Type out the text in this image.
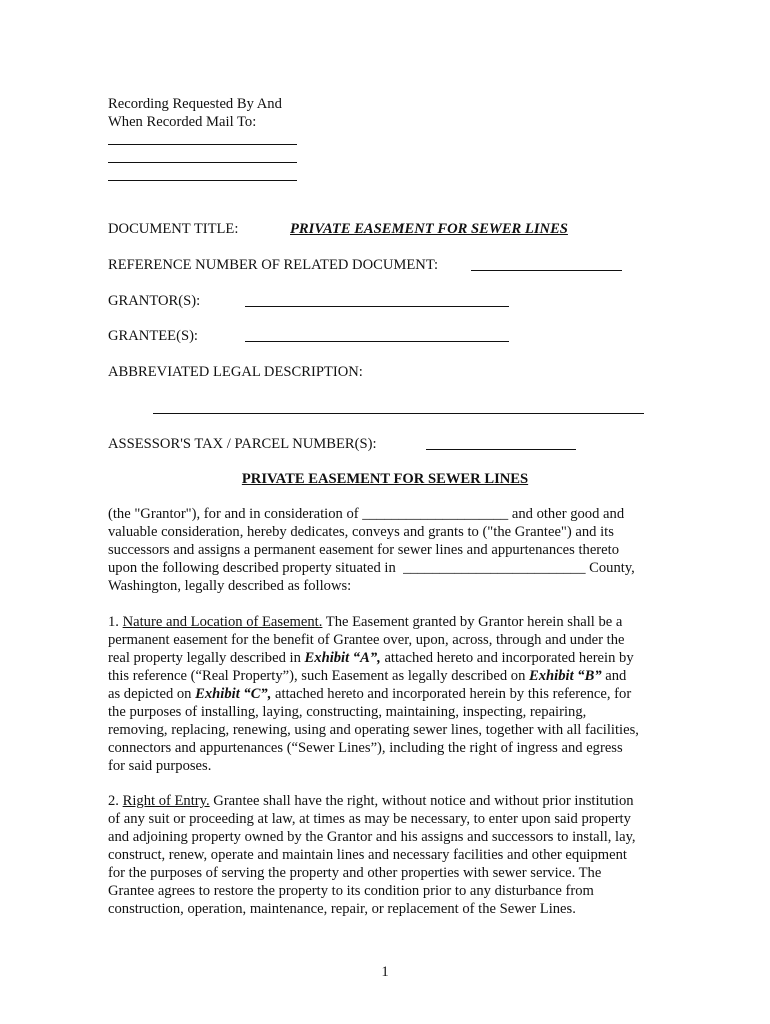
Recording Requested By And
When Recorded Mail To:
DOCUMENT TITLE:	PRIVATE EASEMENT FOR SEWER LINES
REFERENCE NUMBER OF RELATED DOCUMENT:
GRANTOR(S):
GRANTEE(S):
ABBREVIATED LEGAL DESCRIPTION:
ASSESSOR'S TAX / PARCEL NUMBER(S):
PRIVATE EASEMENT FOR SEWER LINES
(the "Grantor"), for and in consideration of ____________________ and other good and
valuable consideration, hereby dedicates, conveys and grants to ("the Grantee") and its
successors and assigns a permanent easement for sewer lines and appurtenances thereto
upon the following described property situated in _________________________ County,
Washington, legally described as follows:
1. Nature and Location of Easement. The Easement granted by Grantor herein shall be a
permanent easement for the benefit of Grantee over, upon, across, through and under the
real property legally described in Exhibit “A”, attached hereto and incorporated herein by
this reference (“Real Property”), such Easement as legally described on Exhibit “B” and
as depicted on Exhibit “C”, attached hereto and incorporated herein by this reference, for
the purposes of installing, laying, constructing, maintaining, inspecting, repairing,
removing, replacing, renewing, using and operating sewer lines, together with all facilities,
connectors and appurtenances (“Sewer Lines”), including the right of ingress and egress
for said purposes.
2. Right of Entry. Grantee shall have the right, without notice and without prior institution
of any suit or proceeding at law, at times as may be necessary, to enter upon said property
and adjoining property owned by the Grantor and his assigns and successors to install, lay,
construct, renew, operate and maintain lines and necessary facilities and other equipment
for the purposes of serving the property and other properties with sewer service. The
Grantee agrees to restore the property to its condition prior to any disturbance from
construction, operation, maintenance, repair, or replacement of the Sewer Lines.
1
